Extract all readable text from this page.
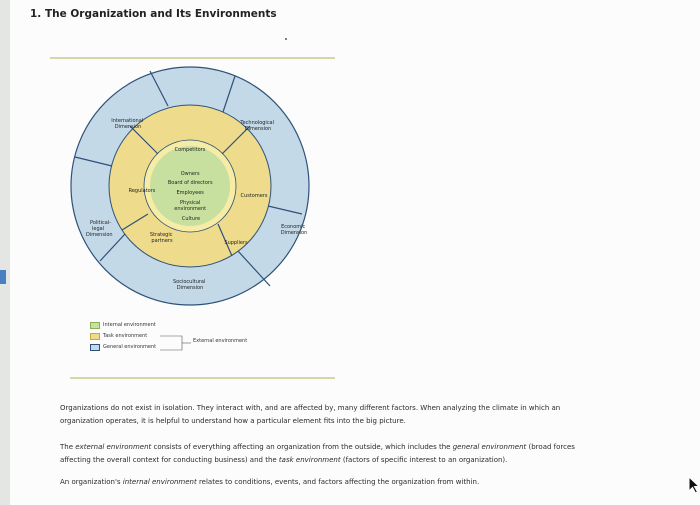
1. The Organization and Its Environments
International Dimension
Technological Dimension
Political- legal Dimension
Economic Dimension
Sociocultural Dimension
Competitors
Regulators
Customers
Strategic partners	Suppliers
Owners Board of directors Employees Physical environment Culture
Internal environment
Task environment
General environment
External environment

Organizations do not exist in isolation. They interact with, and are affected by, many different factors. When analyzing the climate in which an
organization operates, it is helpful to understand how a particular element fits into the big picture.

The external environment consists of everything affecting an organization from the outside, which includes the general environment (broad forces
affecting the overall context for conducting business) and the task environment (factors of specific interest to an organization).

An organization's internal environment relates to conditions, events, and factors affecting the organization from within.
